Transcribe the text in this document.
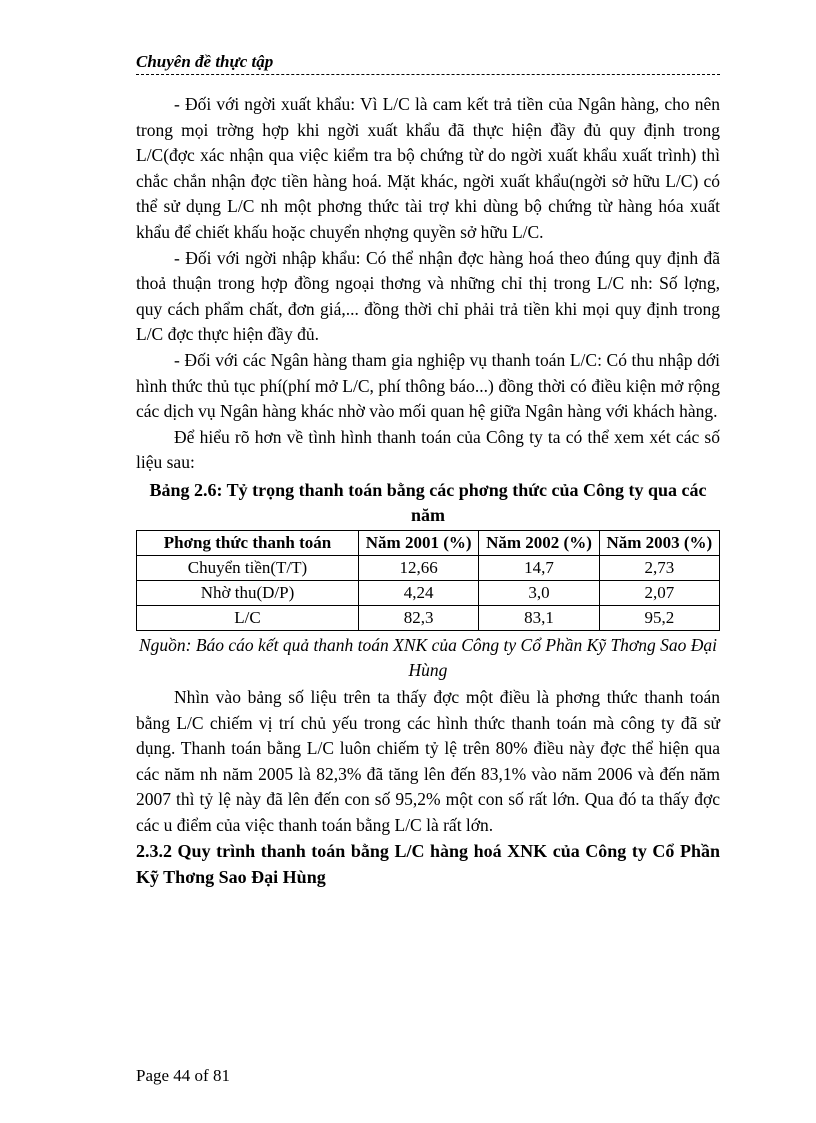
Chuyên đề thực tập

- Đối với ngời xuất khẩu: Vì L/C là cam kết trả tiền của Ngân hàng, cho nên trong mọi trờng hợp khi ngời xuất khẩu đã thực hiện đầy đủ quy định trong L/C(đợc xác nhận qua việc kiểm tra bộ chứng từ do ngời xuất khẩu xuất trình) thì chắc chắn nhận đợc tiền hàng hoá. Mặt khác, ngời xuất khẩu(ngời sở hữu L/C) có thể sử dụng L/C nh một phơng thức tài trợ khi dùng bộ chứng từ hàng hóa xuất khẩu để chiết khấu hoặc chuyển nhợng quyền sở hữu L/C.

- Đối với ngời nhập khẩu: Có thể nhận đợc hàng hoá theo đúng quy định đã thoả thuận trong hợp đồng ngoại thơng và những chỉ thị trong L/C nh: Số lợng, quy cách phẩm chất, đơn giá,... đồng thời chỉ phải trả tiền khi mọi quy định trong L/C đợc thực hiện đầy đủ.

- Đối với các Ngân hàng tham gia nghiệp vụ thanh toán L/C: Có thu nhập dới hình thức thủ tục phí(phí mở L/C, phí thông báo...) đồng thời có điều kiện mở rộng các dịch vụ Ngân hàng khác nhờ vào mối quan hệ giữa Ngân hàng với khách hàng.

Để hiểu rõ hơn về tình hình thanh toán của Công ty ta có thể xem xét các số liệu sau:

Bảng 2.6: Tỷ trọng thanh toán bằng các phơng thức của Công ty qua các năm
Phơng thức thanh toán	Năm 2001 (%)	Năm 2002 (%)	Năm 2003 (%)
Chuyển tiền(T/T)	12,66	14,7	2,73
Nhờ thu(D/P)	4,24	3,0	2,07
L/C	82,3	83,1	95,2
Nguồn: Báo cáo kết quả thanh toán XNK của Công ty Cổ Phần Kỹ Thơng Sao Đại Hùng

Nhìn vào bảng số liệu trên ta thấy đợc một điều là phơng thức thanh toán bằng L/C chiếm vị trí chủ yếu trong các hình thức thanh toán mà công ty đã sử dụng. Thanh toán bằng L/C luôn chiếm tỷ lệ trên 80% điều này đợc thể hiện qua các năm nh năm 2005 là 82,3% đã tăng lên đến 83,1% vào năm 2006 và đến năm 2007 thì tỷ lệ này đã lên đến con số 95,2% một con số rất lớn. Qua đó ta thấy đợc các u điểm của việc thanh toán bằng L/C là rất lớn.

2.3.2 Quy trình thanh toán bằng L/C hàng hoá XNK của Công ty Cổ Phần Kỹ Thơng Sao Đại Hùng

Page 44 of 81
